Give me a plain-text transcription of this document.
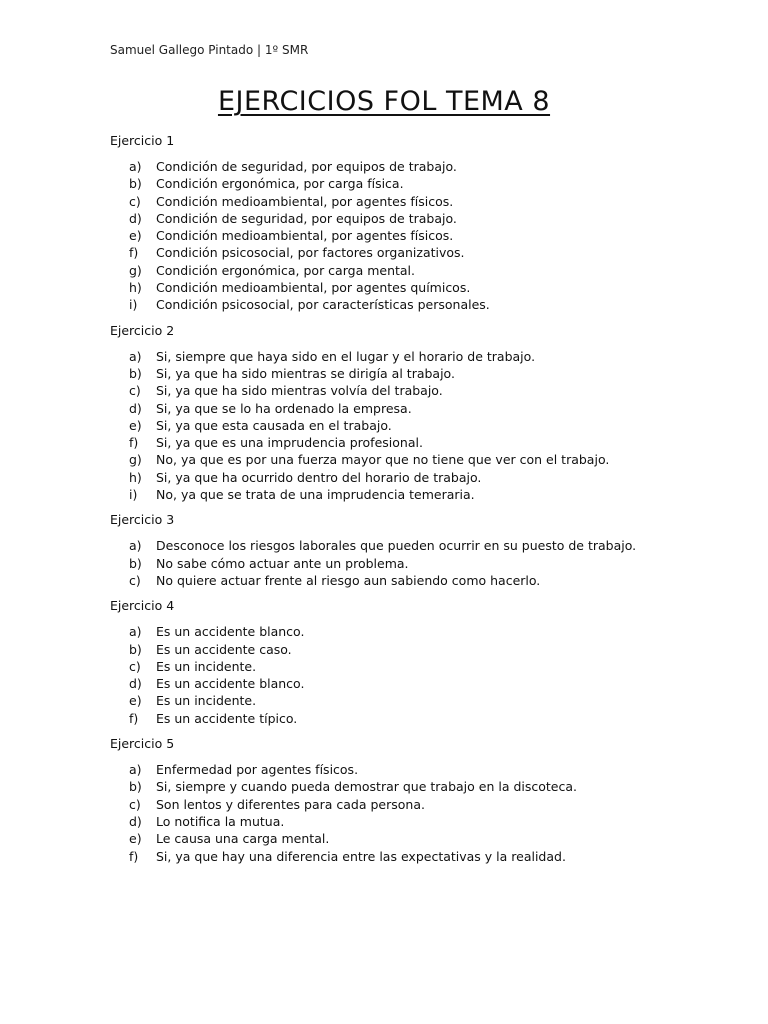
Samuel Gallego Pintado | 1º SMR
EJERCICIOS FOL TEMA 8
Ejercicio 1
a)	Condición de seguridad, por equipos de trabajo.
b)	Condición ergonómica, por carga física.
c)	Condición medioambiental, por agentes físicos.
d)	Condición de seguridad, por equipos de trabajo.
e)	Condición medioambiental, por agentes físicos.
f)	Condición psicosocial, por factores organizativos.
g)	Condición ergonómica, por carga mental.
h)	Condición medioambiental, por agentes químicos.
i)	Condición psicosocial, por características personales.
Ejercicio 2
a)	Si, siempre que haya sido en el lugar y el horario de trabajo.
b)	Si, ya que ha sido mientras se dirigía al trabajo.
c)	Si, ya que ha sido mientras volvía del trabajo.
d)	Si, ya que se lo ha ordenado la empresa.
e)	Si, ya que esta causada en el trabajo.
f)	Si, ya que es una imprudencia profesional.
g)	No, ya que es por una fuerza mayor que no tiene que ver con el trabajo.
h)	Si, ya que ha ocurrido dentro del horario de trabajo.
i)	No, ya que se trata de una imprudencia temeraria.
Ejercicio 3
a)	Desconoce los riesgos laborales que pueden ocurrir en su puesto de trabajo.
b)	No sabe cómo actuar ante un problema.
c)	No quiere actuar frente al riesgo aun sabiendo como hacerlo.
Ejercicio 4
a)	Es un accidente blanco.
b)	Es un accidente caso.
c)	Es un incidente.
d)	Es un accidente blanco.
e)	Es un incidente.
f)	Es un accidente típico.
Ejercicio 5
a)	Enfermedad por agentes físicos.
b)	Si, siempre y cuando pueda demostrar que trabajo en la discoteca.
c)	Son lentos y diferentes para cada persona.
d)	Lo notifica la mutua.
e)	Le causa una carga mental.
f)	Si, ya que hay una diferencia entre las expectativas y la realidad.
